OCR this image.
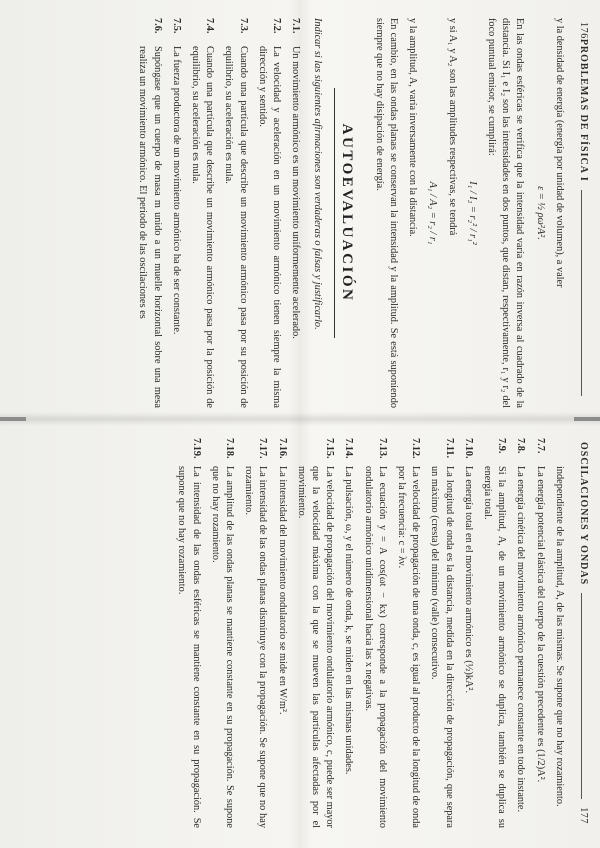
176
PROBLEMAS DE FÍSICA I

y la densidad de energía (energía por unidad de volumen), a valer

ε = ½ ρω²A².

En las ondas esféricas se verifica que la intensidad varía en razón inversa al cuadrado de la distancia. Si I₁ e I₂ son las intensidades en dos puntos, que distan, respectivamente, r₁ y r₂ del foco puntual emisor, se cumplirá:

I₁ / I₂ = r₂² / r₁²

y si A₁ y A₂ son las amplitudes respectivas, se tendrá

A₁ / A₂ = r₂ / r₁

y la amplitud, A, varía inversamente con la distancia.

En cambio, en las ondas planas se conservan la intensidad y la amplitud. Se está suponiendo siempre que no hay disipación de energía.

AUTOEVALUACIÓN

Indicar si las siguientes afirmaciones son verdaderas o falsas y justificarlo.

7.1.
Un movimiento armónico es un movimiento uniformemente acelerado.
7.2.
La velocidad y aceleración en un movimiento armónico tienen siempre la misma dirección y sentido.
7.3.
Cuando una partícula que describe un movimiento armónico pasa por su posición de equilibrio, su aceleración es nula.
7.4.
Cuando una partícula que describe un movimiento armónico pasa por la posición de equilibrio, su aceleración es nula.
7.5.
La fuerza productora de un movimiento armónico ha de ser constante.
7.6.
Supóngase que un cuerpo de masa m unido a un muelle horizontal sobre una mesa realiza un movimiento armónico. El periodo de las oscilaciones es
OSCILACIONES Y ONDAS
177
independiente de la amplitud, A, de las mismas. Se supone que no hay rozamiento.
7.7.
La energía potencial elástica del cuerpo de la cuestión precedente es (1/2)A².
7.8.
La energía cinética del movimiento armónico permanece constante en todo instante.
7.9.
Si la amplitud, A, de un movimiento armónico se duplica, también se duplica su energía total.
7.10.
La energía total en el movimiento armónico es (½)kA².
7.11.
La longitud de onda es la distancia, medida en la dirección de propagación, que separa un máximo (cresta) del mínimo (valle) consecutivo.
7.12.
La velocidad de propagación de una onda, c, es igual al producto de la longitud de onda por la frecuencia: c = λν.
7.13.
La ecuación y = A cos(ωt − kx) corresponde a la propagación del movimiento ondulatorio armónico unidimensional hacia las x negativas.
7.14.
La pulsación, ω, y el número de onda, k, se miden en las mismas unidades.
7.15.
La velocidad de propagación del movimiento ondulatorio armónico, c, puede ser mayor que la velocidad máxima con la que se mueven las partículas afectadas por el movimiento.
7.16.
La intensidad del movimiento ondulatorio se mide en W/m².
7.17.
La intensidad de las ondas planas disminuye con la propagación. Se supone que no hay rozamiento.
7.18.
La amplitud de las ondas planas se mantiene constante en su propagación. Se supone que no hay rozamiento.
7.19.
La intensidad de las ondas esféricas se mantiene constante en su propagación. Se supone que no hay rozamiento.
